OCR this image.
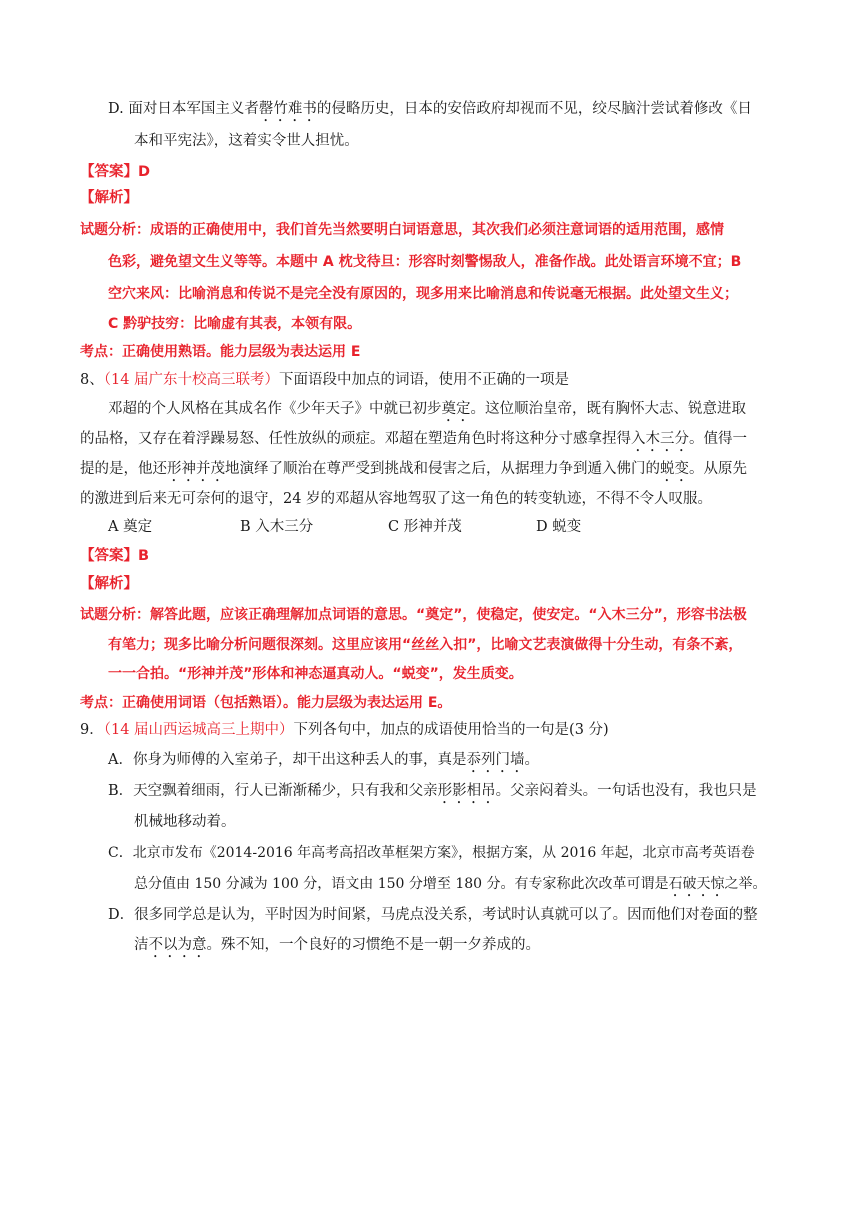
D. 面对日本军国主义者罄竹难书的侵略历史，日本的安倍政府却视而不见，绞尽脑汁尝试着修改《日
本和平宪法》，这着实令世人担忧。
【答案】D
【解析】
试题分析：成语的正确使用中，我们首先当然要明白词语意思，其次我们必须注意词语的适用范围，感情
色彩，避免望文生义等等。本题中 A 枕戈待旦：形容时刻警惕敌人，准备作战。此处语言环境不宜；B
空穴来风：比喻消息和传说不是完全没有原因的，现多用来比喻消息和传说毫无根据。此处望文生义；
C 黔驴技穷：比喻虚有其表，本领有限。
考点：正确使用熟语。能力层级为表达运用 E
8、（14 届广东十校高三联考）下面语段中加点的词语，使用不正确的一项是
邓超的个人风格在其成名作《少年天子》中就已初步奠定。这位顺治皇帝，既有胸怀大志、锐意进取
的品格，又存在着浮躁易怒、任性放纵的顽症。邓超在塑造角色时将这种分寸感拿捏得入木三分。值得一
提的是，他还形神并茂地演绎了顺治在尊严受到挑战和侵害之后，从据理力争到遁入佛门的蜕变。从原先
的激进到后来无可奈何的退守，24 岁的邓超从容地驾驭了这一角色的转变轨迹，不得不令人叹服。
A 奠定	B 入木三分	C 形神并茂	D 蜕变
【答案】B
【解析】
试题分析：解答此题，应该正确理解加点词语的意思。“奠定”，使稳定，使安定。“入木三分”，形容书法极
有笔力；现多比喻分析问题很深刻。这里应该用“丝丝入扣”，比喻文艺表演做得十分生动，有条不紊，
一一合拍。“形神并茂”形体和神态逼真动人。“蜕变”，发生质变。
考点：正确使用词语（包括熟语）。能力层级为表达运用 E。
9．（14 届山西运城高三上期中）下列各句中，加点的成语使用恰当的一句是(3 分)
A．你身为师傅的入室弟子，却干出这种丢人的事，真是忝列门墙。
B．天空飘着细雨，行人已渐渐稀少，只有我和父亲形影相吊。父亲闷着头。一句话也没有，我也只是
机械地移动着。
C．北京市发布《2014-2016 年高考高招改革框架方案》，根据方案，从 2016 年起，北京市高考英语卷
总分值由 150 分减为 100 分，语文由 150 分增至 180 分。有专家称此次改革可谓是石破天惊之举。
D．很多同学总是认为，平时因为时间紧，马虎点没关系，考试时认真就可以了。因而他们对卷面的整
洁不以为意。殊不知，一个良好的习惯绝不是一朝一夕养成的。
